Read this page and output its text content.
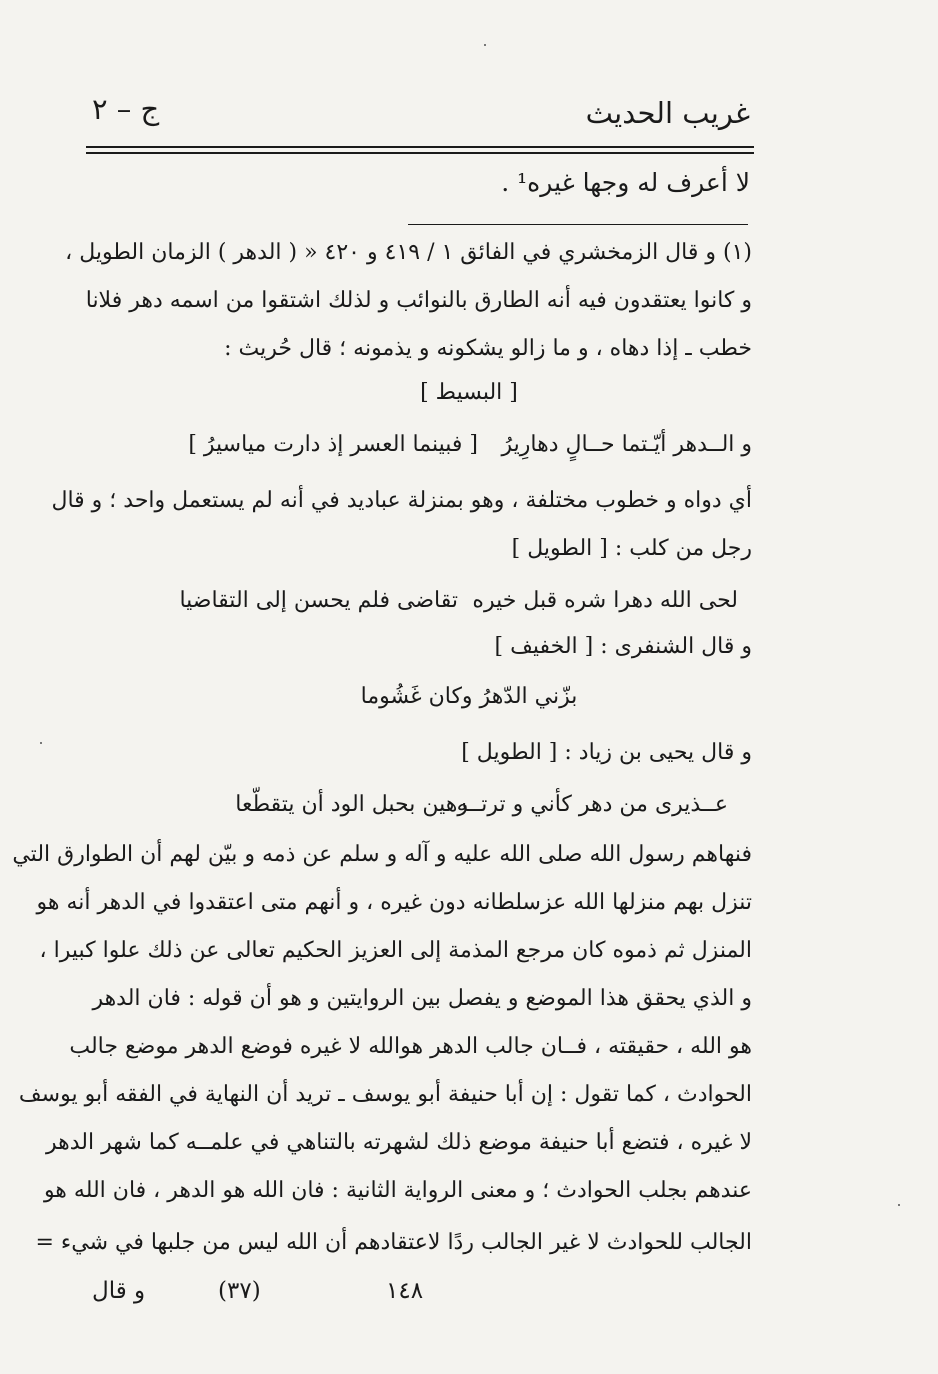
غريب الحديث
ج – ٢
لا أعرف له وجها غيره¹ .
(١) و قال الزمخشري في الفائق ١ / ٤١٩ و ٤٢٠ « ( الدهر ) الزمان الطويل ،
و كانوا يعتقدون فيه أنه الطارق بالنوائب و لذلك اشتقوا من اسمه دهر فلانا
خطب ـ إذا دهاه ، و ما زالو يشكونه و يذمونه ؛ قال حُريث :
[ البسيط ]
و الــدهر أيّـتما حــالٍ دهارِيرُ
[ فبينما العسر إذ دارت مياسيرُ ]
أي دواه و خطوب مختلفة ، وهو بمنزلة عباديد في أنه لم يستعمل واحد ؛ و قال
رجل من كلب : [ الطويل ]
لحى الله دهرا شره قبل خيره
تقاضى فلم يحسن إلى التقاضيا
و قال الشنفرى : [ الخفيف ]
بزّني الدّهرُ وكان غَشُوما
و قال يحيى بن زياد : [ الطويل ]
عــذيرى من دهر كأني و ترتــه
رهين بحبل الود أن يتقطّعا
فنهاهم رسول الله صلى الله عليه و آله و سلم عن ذمه و بيّن لهم أن الطوارق التي
تنزل بهم منزلها الله عزسلطانه دون غيره ، و أنهم متى اعتقدوا في الدهر أنه هو
المنزل ثم ذموه كان مرجع المذمة إلى العزيز الحكيم تعالى عن ذلك علوا كبيرا ،
و الذي يحقق هذا الموضع و يفصل بين الروايتين و هو أن قوله : فان الدهر
هو الله ، حقيقته ، فــان جالب الدهر هوالله لا غيره فوضع الدهر موضع جالب
الحوادث ، كما تقول : إن أبا حنيفة أبو يوسف ـ تريد أن النهاية في الفقه أبو يوسف
لا غيره ، فتضع أبا حنيفة موضع ذلك لشهرته بالتناهي في علمــه كما شهر الدهر
عندهم بجلب الحوادث ؛ و معنى الرواية الثانية : فان الله هو الدهر ، فان الله هو
الجالب للحوادث لا غير الجالب ردًا لاعتقادهم أن الله ليس من جلبها في شيء =
و قال	(٣٧)	١٤٨
